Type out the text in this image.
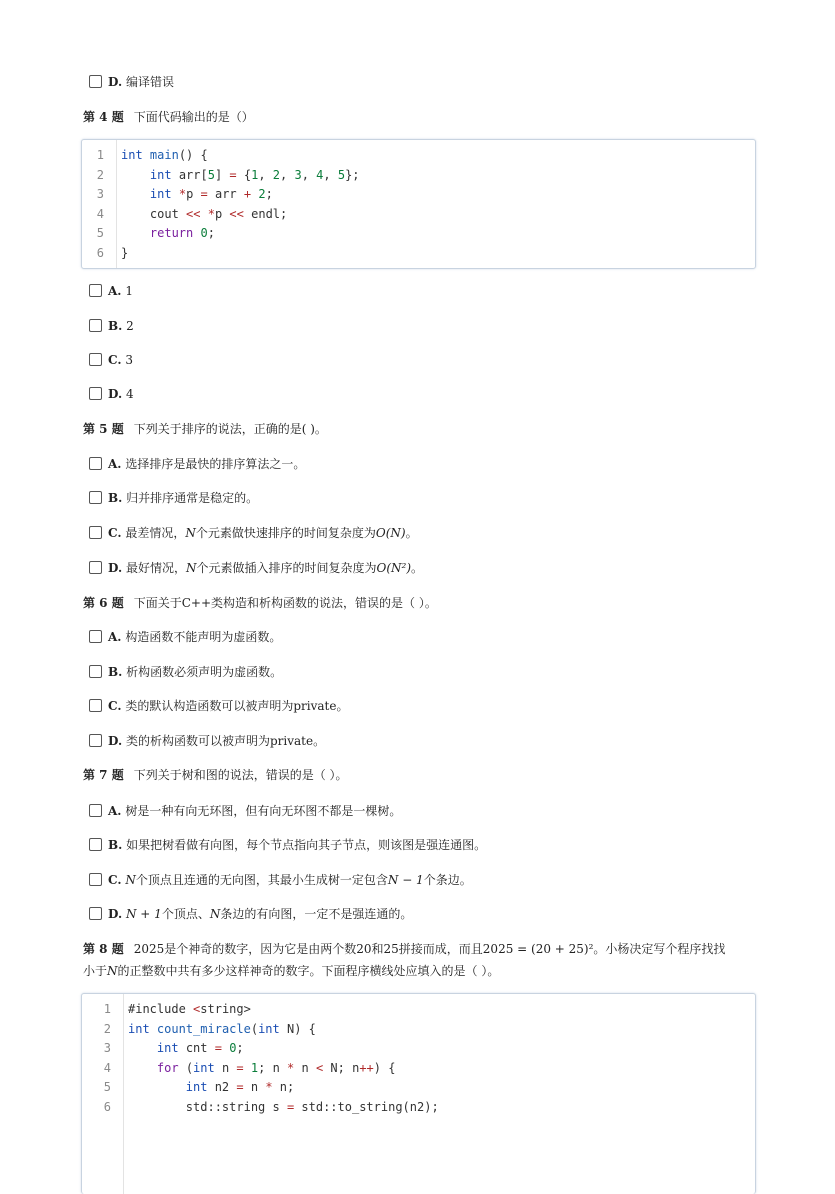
D. 编译错误
第 4 题 下面代码输出的是（）
1 int main() {
2	int arr[5] = {1, 2, 3, 4, 5};
3	int *p = arr + 2;
4 cout << *p << endl;
5	return 0;
6 }
A. 1
B. 2
C. 3
D. 4
第 5 题 下列关于排序的说法，正确的是( )。
A. 选择排序是最快的排序算法之一。
B. 归并排序通常是稳定的。
C. 最差情况，N个元素做快速排序的时间复杂度为O(N)。
D. 最好情况，N个元素做插入排序的时间复杂度为O(N²)。
第 6 题 下面关于C++类构造和析构函数的说法，错误的是（ ）。
A. 构造函数不能声明为虚函数。
B. 析构函数必须声明为虚函数。
C. 类的默认构造函数可以被声明为private。
D. 类的析构函数可以被声明为private。
第 7 题 下列关于树和图的说法，错误的是（ ）。
A. 树是一种有向无环图，但有向无环图不都是一棵树。
B. 如果把树看做有向图，每个节点指向其子节点，则该图是强连通图。
C. N个顶点且连通的无向图，其最小生成树一定包含N − 1个条边。
D. N + 1个顶点、N条边的有向图，一定不是强连通的。
第 8 题 2025是个神奇的数字，因为它是由两个数20和25拼接而成，而且2025 = (20 + 25)²。小杨决定写个程序找找
小于N的正整数中共有多少这样神奇的数字。下面程序横线处应填入的是（ ）。
1 #include <string>
2 int count_miracle(int N) {
3	int cnt = 0;
4	for (int n = 1; n * n < N; n++) {
5	int n2 = n * n;
6 std::string s = std::to_string(n2);
